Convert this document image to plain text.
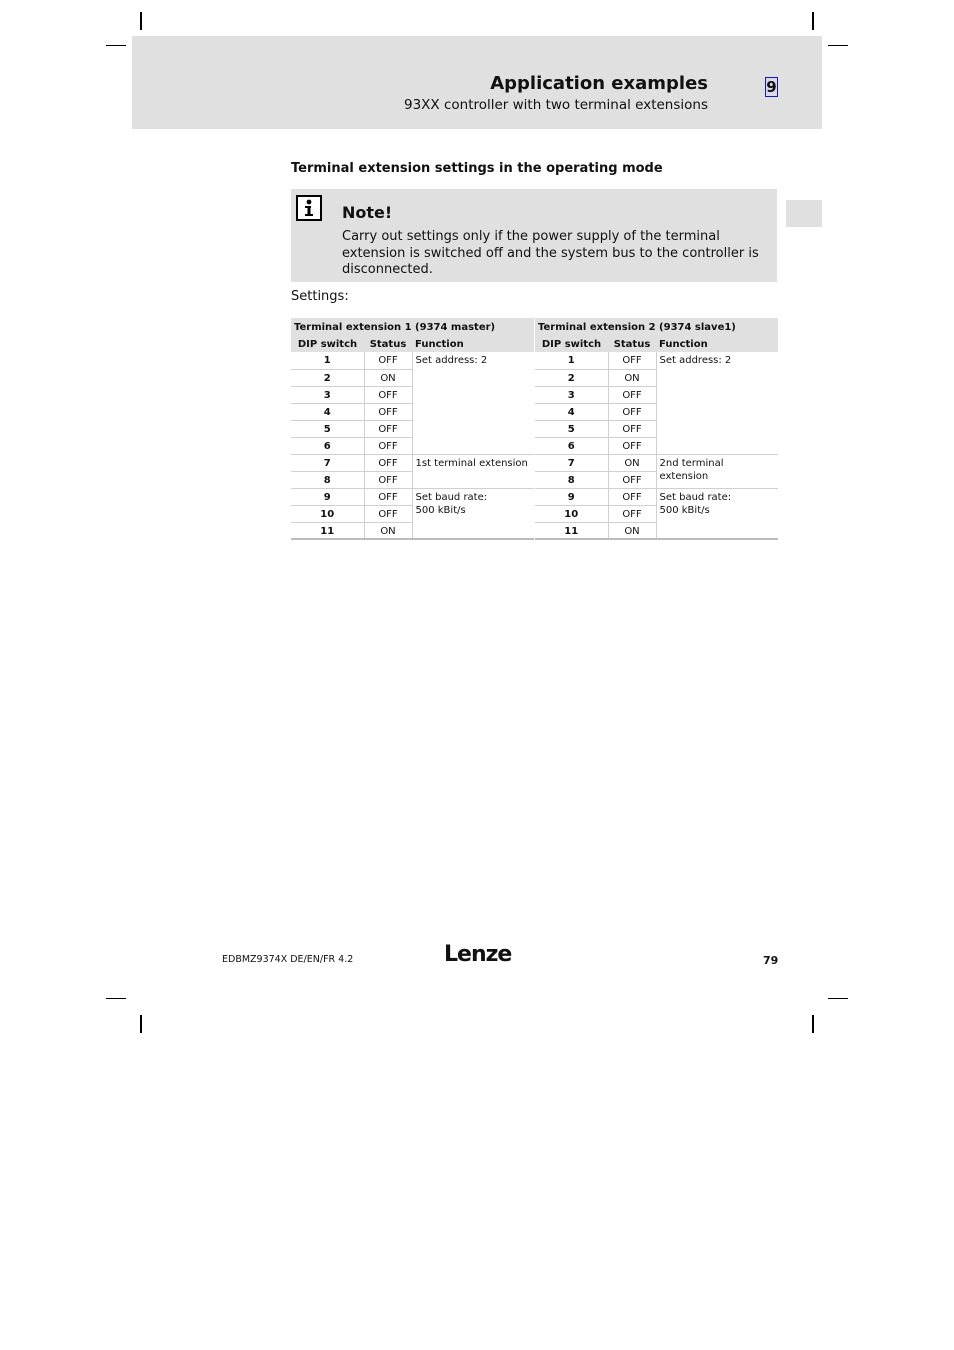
Application examples
93XX controller with two terminal extensions
9
Terminal extension settings in the operating mode
Note!
Carry out settings only if the power supply of the terminal extension is switched off and the system bus to the controller is disconnected.
Settings:
Terminal extension 1 (9374 master)		
DIP switch	Status	Function
1	OFF	Set address: 2
2	ON	
3	OFF	
4	OFF	
5	OFF	
6	OFF	
7	OFF	1st terminal extension
8	OFF	
9	OFF	Set baud rate:
500 kBit/s
10	OFF	
11	ON	
Terminal extension 2 (9374 slave1)		
DIP switch	Status	Function
1	OFF	Set address: 2
2	ON	
3	OFF	
4	OFF	
5	OFF	
6	OFF	
7	ON	2nd terminal
extension
8	OFF	
9	OFF	Set baud rate:
500 kBit/s
10	OFF	
11	ON	
EDBMZ9374X DE/EN/FR 4.2	Lenze	79
